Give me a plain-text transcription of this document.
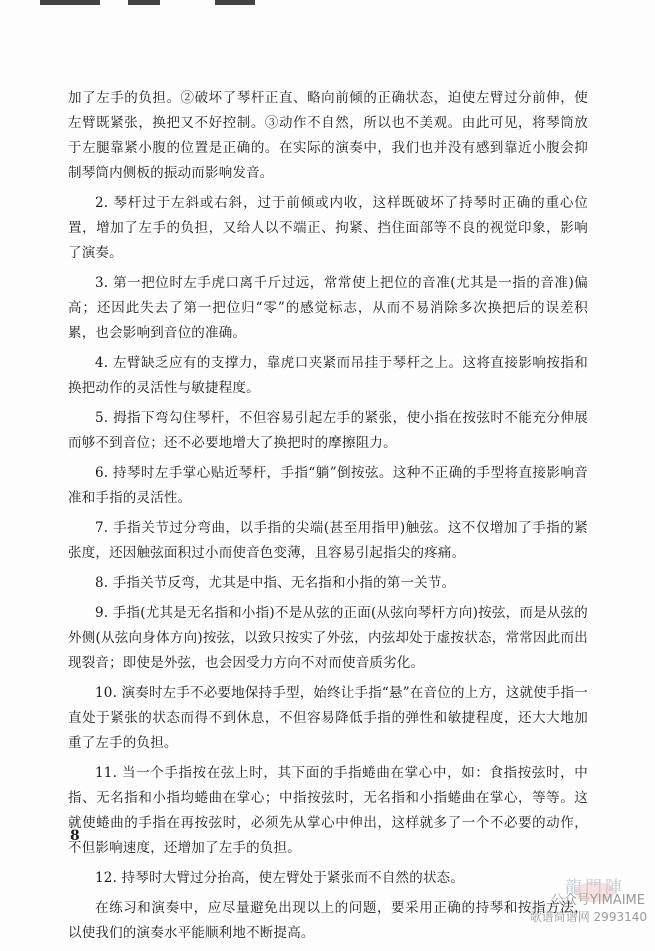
加了左手的负担。②破坏了琴杆正直、略向前倾的正确状态，迫使左臂过分前伸，使左臂既紧张，换把又不好控制。③动作不自然，所以也不美观。由此可见，将琴筒放于左腿靠紧小腹的位置是正确的。在实际的演奏中，我们也并没有感到靠近小腹会抑制琴筒内侧板的振动而影响发音。

2. 琴杆过于左斜或右斜，过于前倾或内收，这样既破坏了持琴时正确的重心位置，增加了左手的负担，又给人以不端正、拘紧、挡住面部等不良的视觉印象，影响了演奏。

3. 第一把位时左手虎口离千斤过远，常常使上把位的音准(尤其是一指的音准)偏高；还因此失去了第一把位归“零”的感觉标志，从而不易消除多次换把后的误差积累，也会影响到音位的准确。

4. 左臂缺乏应有的支撑力，靠虎口夹紧而吊挂于琴杆之上。这将直接影响按指和换把动作的灵活性与敏捷程度。

5. 拇指下弯勾住琴杆，不但容易引起左手的紧张，使小指在按弦时不能充分伸展而够不到音位；还不必要地增大了换把时的摩擦阻力。

6. 持琴时左手掌心贴近琴杆，手指“躺”倒按弦。这种不正确的手型将直接影响音准和手指的灵活性。

7. 手指关节过分弯曲，以手指的尖端(甚至用指甲)触弦。这不仅增加了手指的紧张度，还因触弦面积过小而使音色变薄，且容易引起指尖的疼痛。

8. 手指关节反弯，尤其是中指、无名指和小指的第一关节。

9. 手指(尤其是无名指和小指)不是从弦的正面(从弦向琴杆方向)按弦，而是从弦的外侧(从弦向身体方向)按弦，以致只按实了外弦，内弦却处于虚按状态，常常因此而出现裂音；即使是外弦，也会因受力方向不对而使音质劣化。

10. 演奏时左手不必要地保持手型，始终让手指“悬”在音位的上方，这就使手指一直处于紧张的状态而得不到休息，不但容易降低手指的弹性和敏捷程度，还大大地加重了左手的负担。

11. 当一个手指按在弦上时，其下面的手指蜷曲在掌心中，如：食指按弦时，中指、无名指和小指均蜷曲在掌心；中指按弦时，无名指和小指蜷曲在掌心，等等。这就使蜷曲的手指在再按弦时，必须先从掌心中伸出，这样就多了一个不必要的动作，不但影响速度，还增加了左手的负担。

12. 持琴时大臂过分抬高，使左臂处于紧张而不自然的状态。

在练习和演奏中，应尽量避免出现以上的问题，要采用正确的持琴和按指方法，以使我们的演奏水平能顺利地不断提高。

8
龍門陣
公众号YIMAIME
歌谱简谱网 2993140
